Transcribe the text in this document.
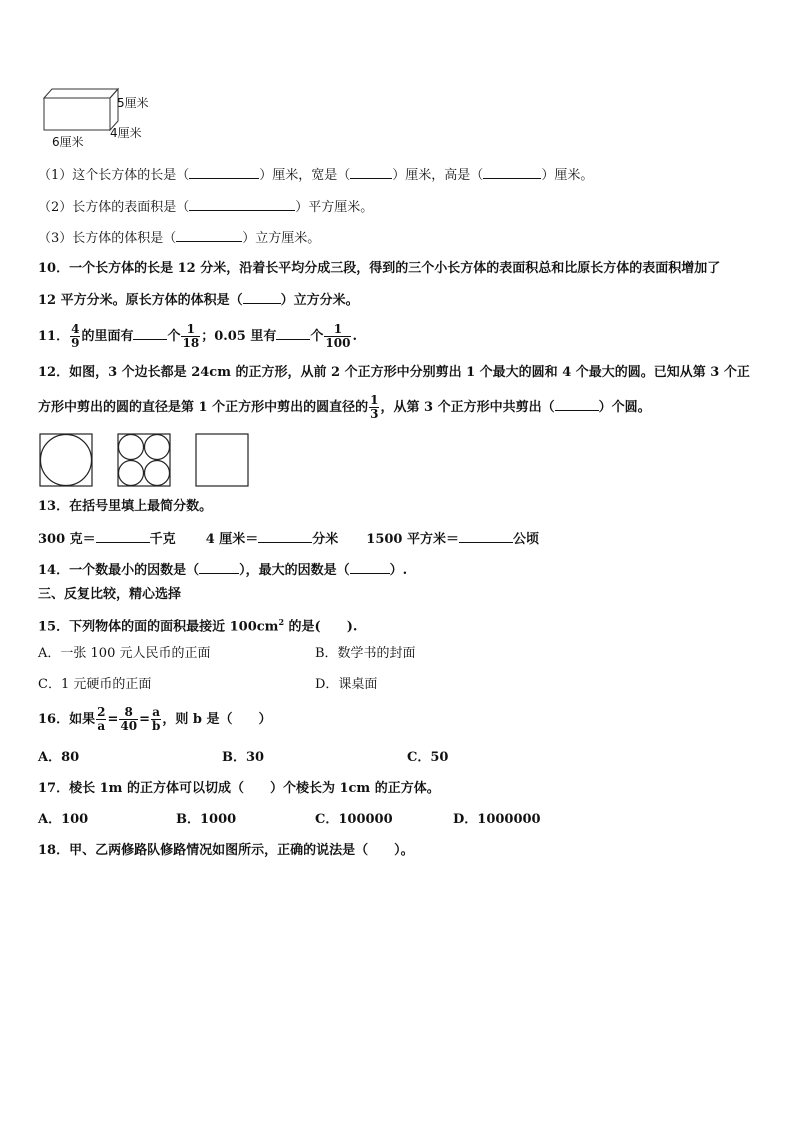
5厘米
4厘米
6厘米
（1）这个长方体的长是（	）厘米，宽是（	）厘米，高是（	）厘米。
（2）长方体的表面积是（	）平方厘米。
（3）长方体的体积是（	）立方厘米。
10．一个长方体的长是 12 分米，沿着长平均分成三段，得到的三个小长方体的表面积总和比原长方体的表面积增加了
12 平方分米。原长方体的体积是（	）立方分米。
11． $\frac{4}{9}$ 的里面有	个 $\frac{1}{18}$ ；0.05 里有	个 $\frac{1}{100}$ .
12．如图，3 个边长都是 24cm 的正方形，从前 2 个正方形中分别剪出 1 个最大的圆和 4 个最大的圆。已知从第 3 个正
方形中剪出的圆的直径是第 1 个正方形中剪出的圆直径的 $\frac{1}{3}$ ，从第 3 个正方形中共剪出（	）个圆。
13．在括号里填上最简分数。
300 克＝	千克 4 厘米＝	分米 1500 平方米＝	公顷
14．一个数最小的因数是（	），最大的因数是（	）.
三、反复比较，精心选择
15．下列物体的面的面积最接近 $100cm^2$ 的是(　　).
A．一张 100 元人民币的正面	B．数学书的封面
C．1 元硬币的正面	D．课桌面
16．如果 $\frac{2}{a} = \frac{8}{40} = \frac{a}{b}$ ，则 b 是（　　）
A．80	B．30	C．50
17．棱长 1m 的正方体可以切成（　　）个棱长为 1cm 的正方体。
A．100	B．1000	C．100000	D．1000000
18．甲、乙两修路队修路情况如图所示，正确的说法是（　　）。
